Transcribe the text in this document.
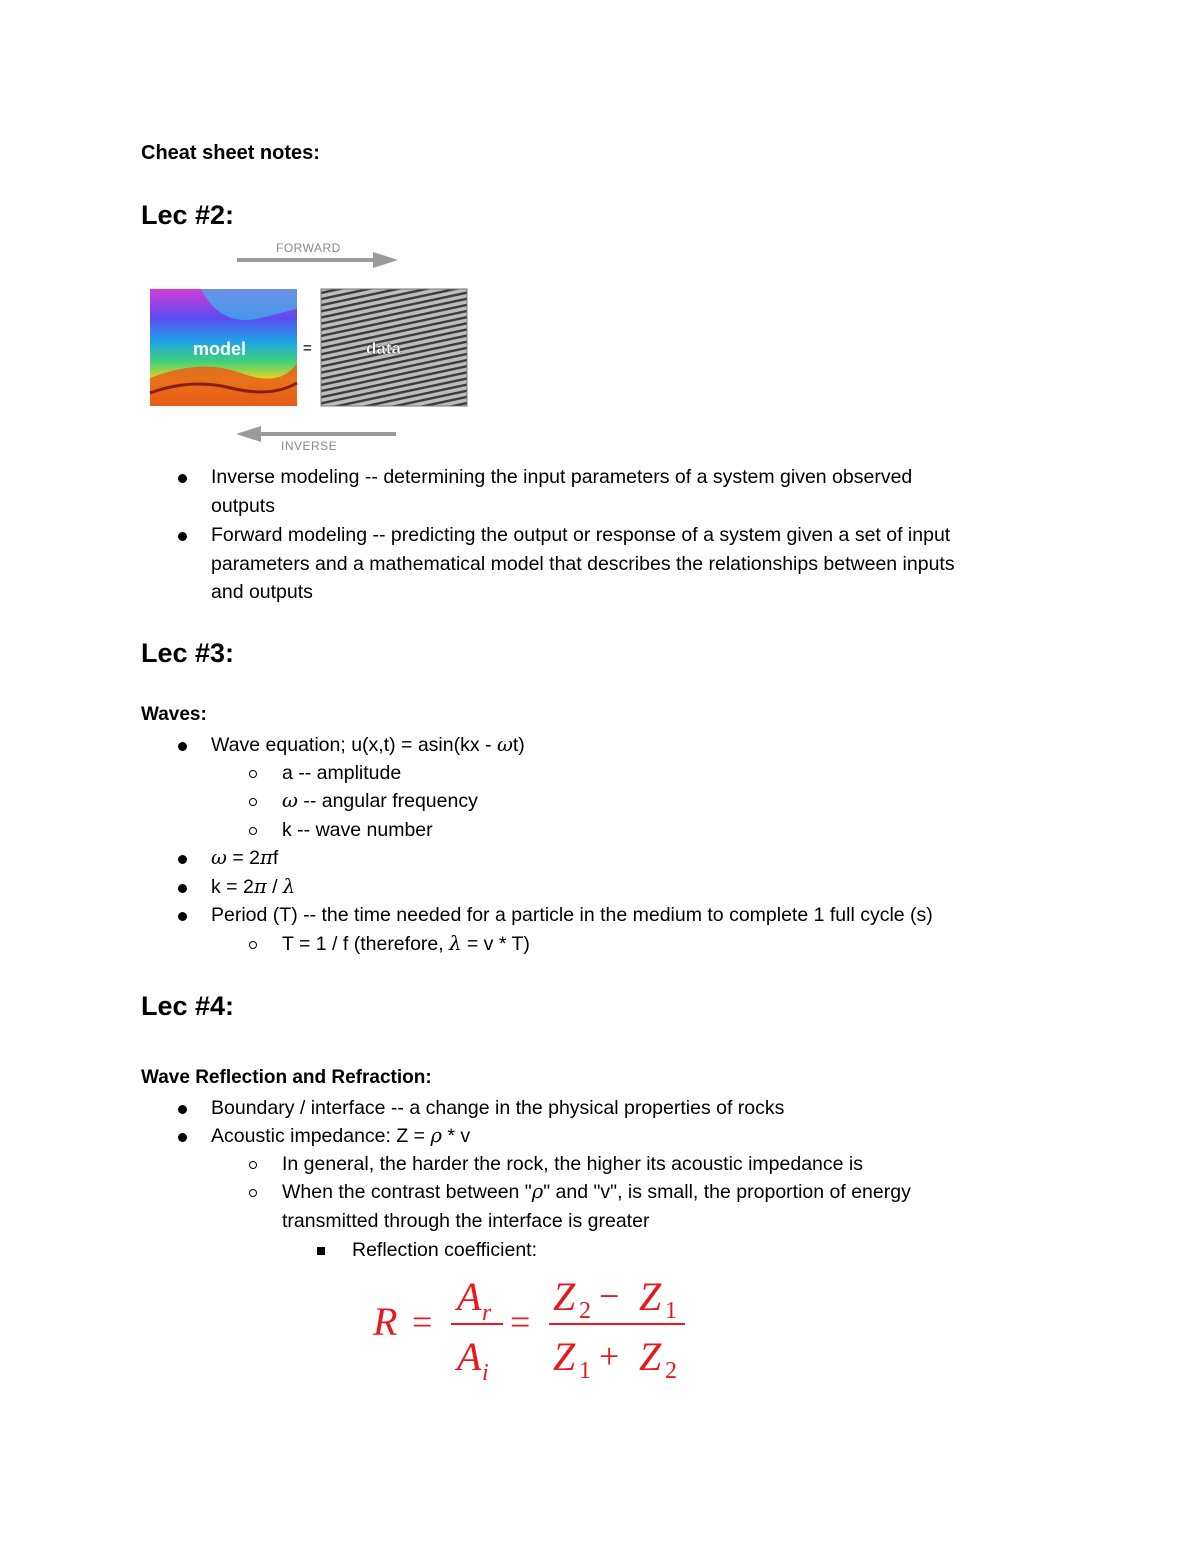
Cheat sheet notes:
Lec #2:
FORWARD
model	=	data
INVERSE
Inverse modeling -- determining the input parameters of a system given observed
outputs
Forward modeling -- predicting the output or response of a system given a set of input
parameters and a mathematical model that describes the relationships between inputs
and outputs
Lec #3:
Waves:
Wave equation; u(x,t) = asin(kx - ωt)
a -- amplitude
ω -- angular frequency
k -- wave number
ω = 2πf
k = 2π / λ
Period (T) -- the time needed for a particle in the medium to complete 1 full cycle (s)
T = 1 / f (therefore, λ = v * T)
Lec #4:
Wave Reflection and Refraction:
Boundary / interface -- a change in the physical properties of rocks
Acoustic impedance: Z = ρ * v
In general, the harder the rock, the higher its acoustic impedance is
When the contrast between "ρ" and "v", is small, the proportion of energy
transmitted through the interface is greater
Reflection coefficient:
R =
A r
A i
=
Z 2 − Z 1
Z 1 + Z 2
